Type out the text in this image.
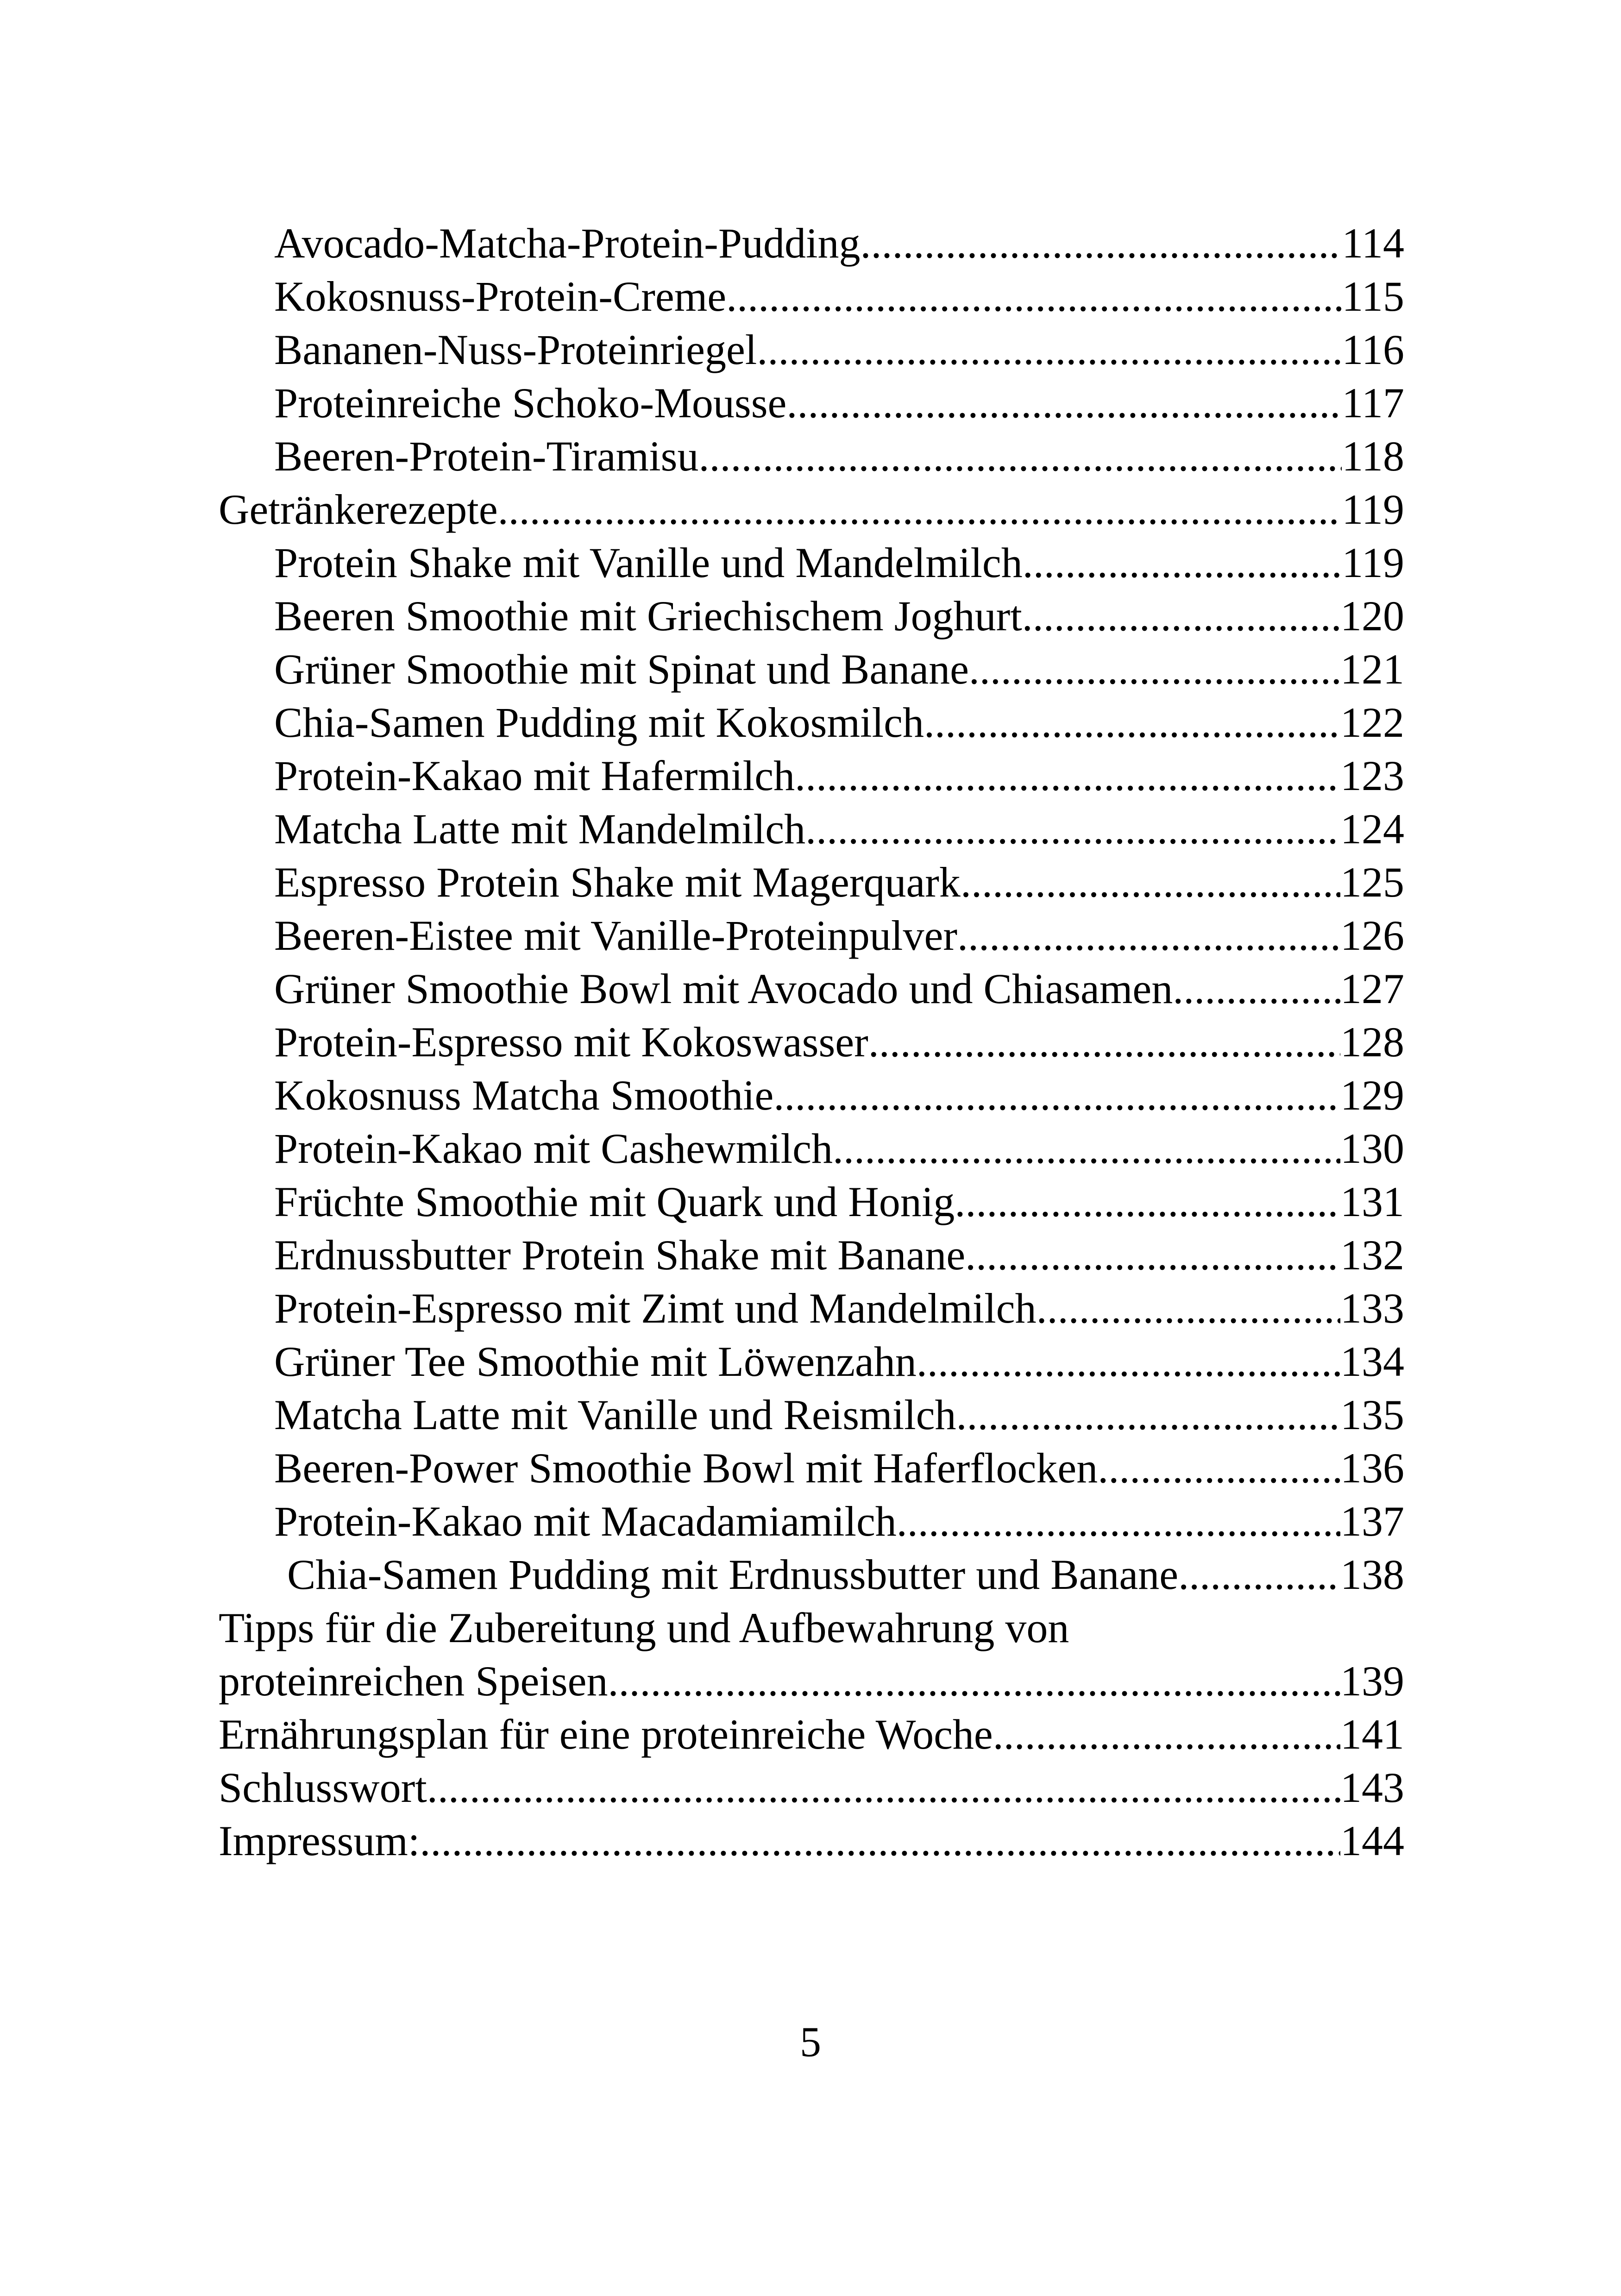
Avocado-Matcha-Protein-Pudding .....	114
Kokosnuss-Protein-Creme .....	115
Bananen-Nuss-Proteinriegel .....	116
Proteinreiche Schoko-Mousse .....	117
Beeren-Protein-Tiramisu .....	118
Getränkerezepte .....	119
Protein Shake mit Vanille und Mandelmilch .....	119
Beeren Smoothie mit Griechischem Joghurt .....	120
Grüner Smoothie mit Spinat und Banane .....	121
Chia-Samen Pudding mit Kokosmilch .....	122
Protein-Kakao mit Hafermilch .....	123
Matcha Latte mit Mandelmilch .....	124
Espresso Protein Shake mit Magerquark .....	125
Beeren-Eistee mit Vanille-Proteinpulver .....	126
Grüner Smoothie Bowl mit Avocado und Chiasamen. .....	127
Protein-Espresso mit Kokoswasser .....	128
Kokosnuss Matcha Smoothie .....	129
Protein-Kakao mit Cashewmilch .....	130
Früchte Smoothie mit Quark und Honig .....	131
Erdnussbutter Protein Shake mit Banane .....	132
Protein-Espresso mit Zimt und Mandelmilch .....	133
Grüner Tee Smoothie mit Löwenzahn .....	134
Matcha Latte mit Vanille und Reismilch .....	135
Beeren-Power Smoothie Bowl mit Haferflocken .....	136
Protein-Kakao mit Macadamiamilch .....	137
Chia-Samen Pudding mit Erdnussbutter und Banane .....	138
Tipps für die Zubereitung und Aufbewahrung von
proteinreichen Speisen .....	139
Ernährungsplan für eine proteinreiche Woche .....	141
Schlusswort .....	143
Impressum: .....	144
5
